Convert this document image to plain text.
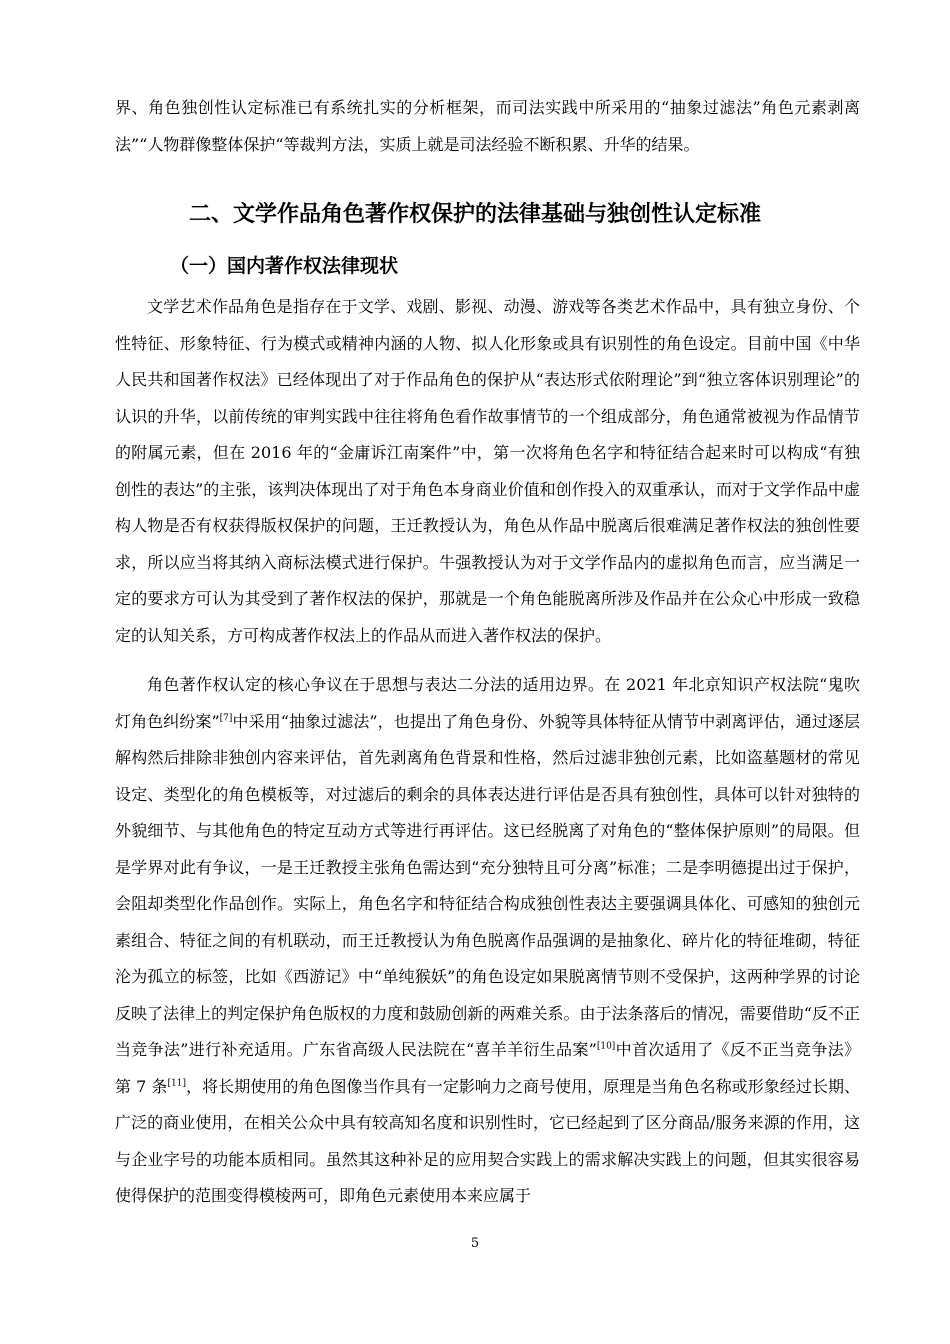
界、角色独创性认定标准已有系统扎实的分析框架，而司法实践中所采用的“抽象过滤法”角色元素剥离法”“人物群像整体保护“等裁判方法，实质上就是司法经验不断积累、升华的结果。

二、文学作品角色著作权保护的法律基础与独创性认定标准
（一）国内著作权法律现状

文学艺术作品角色是指存在于文学、戏剧、影视、动漫、游戏等各类艺术作品中，具有独立身份、个性特征、形象特征、行为模式或精神内涵的人物、拟人化形象或具有识别性的角色设定。目前中国《中华人民共和国著作权法》已经体现出了对于作品角色的保护从“表达形式依附理论”到“独立客体识别理论”的认识的升华，以前传统的审判实践中往往将角色看作故事情节的一个组成部分，角色通常被视为作品情节的附属元素，但在 2016 年的“金庸诉江南案件”中，第一次将角色名字和特征结合起来时可以构成“有独创性的表达”的主张，该判决体现出了对于角色本身商业价值和创作投入的双重承认，而对于文学作品中虚构人物是否有权获得版权保护的问题，王迁教授认为，角色从作品中脱离后很难满足著作权法的独创性要求，所以应当将其纳入商标法模式进行保护。牛强教授认为对于文学作品内的虚拟角色而言，应当满足一定的要求方可认为其受到了著作权法的保护，那就是一个角色能脱离所涉及作品并在公众心中形成一致稳定的认知关系，方可构成著作权法上的作品从而进入著作权法的保护。

角色著作权认定的核心争议在于思想与表达二分法的适用边界。在 2021 年北京知识产权法院“鬼吹灯角色纠纷案”[7]中采用“抽象过滤法”，也提出了角色身份、外貌等具体特征从情节中剥离评估，通过逐层解构然后排除非独创内容来评估，首先剥离角色背景和性格，然后过滤非独创元素，比如盗墓题材的常见设定、类型化的角色模板等，对过滤后的剩余的具体表达进行评估是否具有独创性，具体可以针对独特的外貌细节、与其他角色的特定互动方式等进行再评估。这已经脱离了对角色的“整体保护原则”的局限。但是学界对此有争议，一是王迁教授主张角色需达到“充分独特且可分离”标准；二是李明德提出过于保护，会阻却类型化作品创作。实际上，角色名字和特征结合构成独创性表达主要强调具体化、可感知的独创元素组合、特征之间的有机联动，而王迁教授认为角色脱离作品强调的是抽象化、碎片化的特征堆砌，特征沦为孤立的标签，比如《西游记》中“单纯猴妖”的角色设定如果脱离情节则不受保护，这两种学界的讨论反映了法律上的判定保护角色版权的力度和鼓励创新的两难关系。由于法条落后的情况，需要借助“反不正当竞争法”进行补充适用。广东省高级人民法院在“喜羊羊衍生品案”[10]中首次适用了《反不正当竞争法》第 7 条[11]，将长期使用的角色图像当作具有一定影响力之商号使用，原理是当角色名称或形象经过长期、广泛的商业使用，在相关公众中具有较高知名度和识别性时，它已经起到了区分商品/服务来源的作用，这与企业字号的功能本质相同。虽然其这种补足的应用契合实践上的需求解决实践上的问题，但其实很容易使得保护的范围变得模棱两可，即角色元素使用本来应属于

5
